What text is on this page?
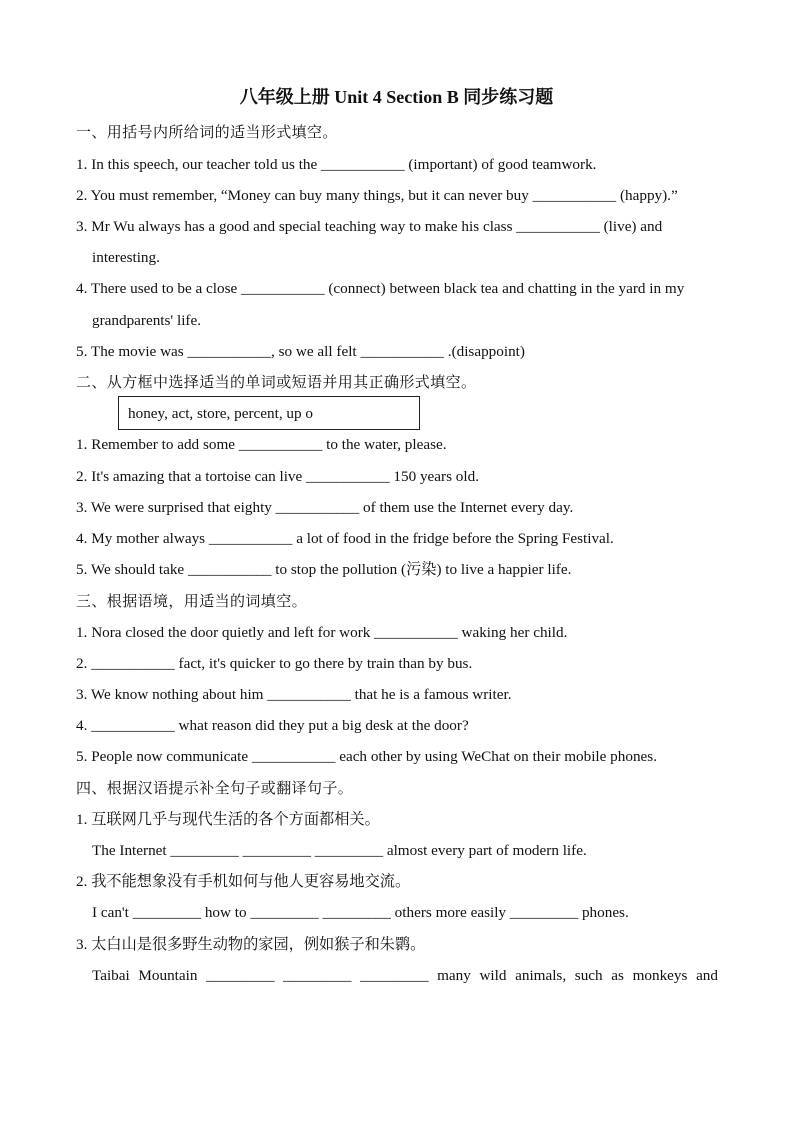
八年级上册 Unit 4 Section B 同步练习题
一、用括号内所给词的适当形式填空。
1. In this speech, our teacher told us the ___________ (important) of good teamwork.
2. You must remember, “Money can buy many things, but it can never buy ___________ (happy).”
3. Mr Wu always has a good and special teaching way to make his class ___________ (live) and
interesting.
4. There used to be a close ___________ (connect) between black tea and chatting in the yard in my
grandparents' life.
5. The movie was ___________, so we all felt ___________ .(disappoint)
二、从方框中选择适当的单词或短语并用其正确形式填空。
honey, act, store, percent, up o
1. Remember to add some ___________ to the water, please.
2. It's amazing that a tortoise can live ___________ 150 years old.
3. We were surprised that eighty ___________ of them use the Internet every day.
4. My mother always ___________ a lot of food in the fridge before the Spring Festival.
5. We should take ___________ to stop the pollution (污染) to live a happier life.
三、根据语境，用适当的词填空。
1. Nora closed the door quietly and left for work ___________ waking her child.
2. ___________ fact, it's quicker to go there by train than by bus.
3. We know nothing about him ___________ that he is a famous writer.
4. ___________ what reason did they put a big desk at the door?
5. People now communicate ___________ each other by using WeChat on their mobile phones.
四、根据汉语提示补全句子或翻译句子。
1. 互联网几乎与现代生活的各个方面都相关。
The Internet _________ _________ _________ almost every part of modern life.
2. 我不能想象没有手机如何与他人更容易地交流。
I can't _________ how to _________ _________ others more easily _________ phones.
3. 太白山是很多野生动物的家园，例如猴子和朱鹮。
Taibai Mountain _________ _________ _________ many wild animals, such as monkeys and
